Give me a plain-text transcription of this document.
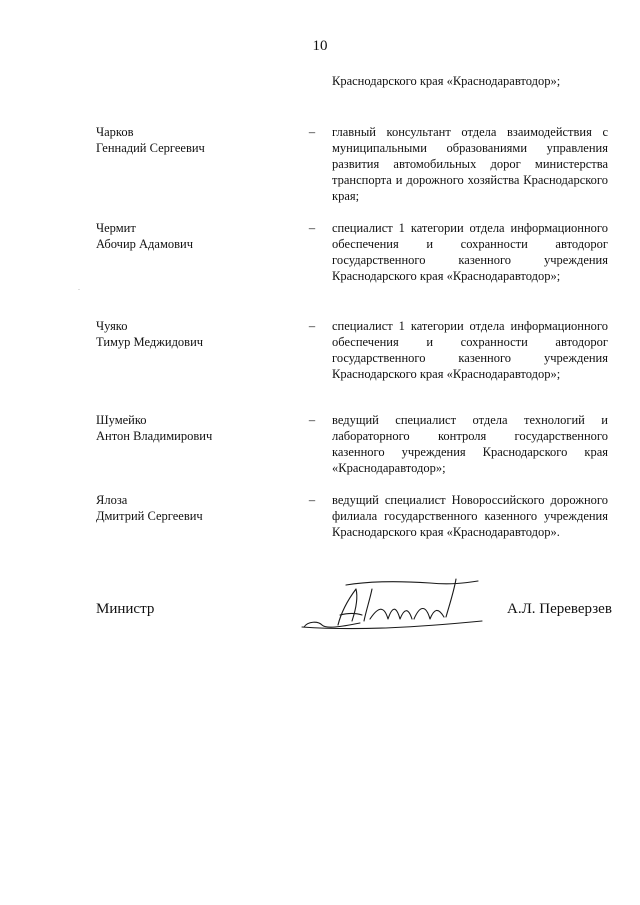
10
Краснодарского края «Краснодаравтодор»;
.
Чарков
Геннадий Сергеевич
–	главный консультант отдела взаимодействия с муниципальными образованиями управления развития автомобильных дорог министерства транспорта и дорожного хозяйства Краснодарского края;
Чермит
Абочир Адамович
–	специалист 1 категории отдела информационного обеспечения и сохранности автодорог государственного казенного учреждения Краснодарского края «Краснодаравтодор»;
Чуяко
Тимур Меджидович
–	специалист 1 категории отдела информационного обеспечения и сохранности автодорог государственного казенного учреждения Краснодарского края «Краснодаравтодор»;
Шумейко
Антон Владимирович
–	ведущий специалист отдела технологий и лабораторного контроля государственного казенного учреждения Краснодарского края «Краснодаравтодор»;
Ялоза
Дмитрий Сергеевич
–	ведущий специалист Новороссийского дорожного филиала государственного казенного учреждения Краснодарского края «Краснодаравтодор».
Министр	А.Л. Переверзев
